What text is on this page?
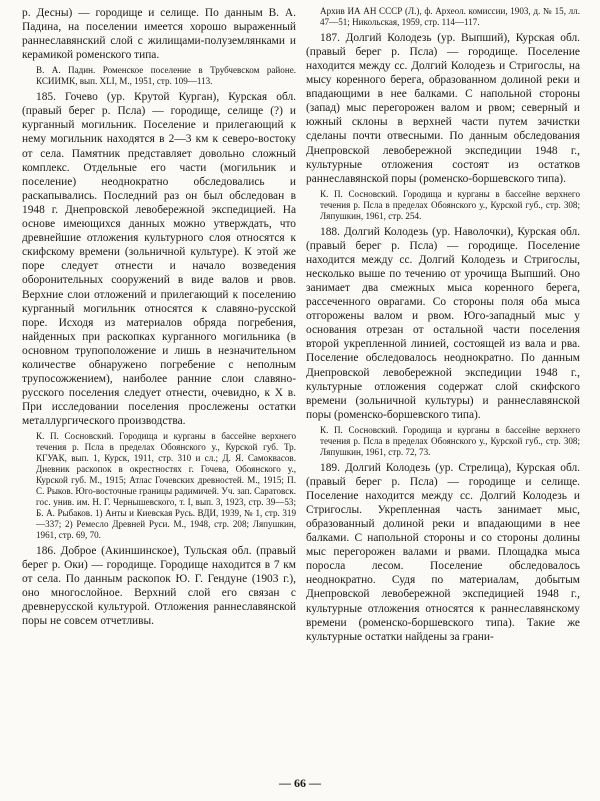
р. Десны) — городище и селище. По данным В. А. Падина, на поселении имеется хорошо выраженный раннеславянский слой с жилищами-полуземлянками и керамикой роменского типа.

В. А. Падин. Роменское поселение в Трубчевском районе. КСИИМК, вып. XLI, М., 1951, стр. 109—113.

185. Гочево (ур. Крутой Курган), Курская обл. (правый берег р. Псла) — городище, селище (?) и курганный могильник. Поселение и прилегающий к нему могильник находятся в 2—3 км к северо-востоку от села. Памятник представляет довольно сложный комплекс. Отдельные его части (могильник и поселение) неоднократно обследовались и раскапывались. Последний раз он был обследован в 1948 г. Днепровской левобережной экспедицией. На основе имеющихся данных можно утверждать, что древнейшие отложения культурного слоя относятся к скифскому времени (зольничной культуре). К этой же поре следует отнести и начало возведения оборонительных сооружений в виде валов и рвов. Верхние слои отложений и прилегающий к поселению курганный могильник относятся к славяно-русской поре. Исходя из материалов обряда погребения, найденных при раскопках курганного могильника (в основном трупоположение и лишь в незначительном количестве обнаружено погребение с неполным трупосожжением), наиболее ранние слои славяно-русского поселения следует отнести, очевидно, к X в. При исследовании поселения прослежены остатки металлургического производства.

К. П. Сосновский. Городища и курганы в бассейне верхнего течения р. Псла в пределах Обоянского у., Курской губ. Тр. КГУАК, вып. 1, Курск, 1911, стр. 310 и сл.; Д. Я. Самоквасов. Дневник раскопок в окрестностях г. Гочева, Обоянского у., Курской губ. М., 1915; Атлас Гочевских древностей. М., 1915; П. С. Рыков. Юго-восточные границы радимичей. Уч. зап. Саратовск. гос. унив. им. Н. Г. Чернышевского, т. I, вып. 3, 1923, стр. 39—53; Б. А. Рыбаков. 1) Анты и Киевская Русь. ВДИ, 1939, № 1, стр. 319—337; 2) Ремесло Древней Руси. М., 1948, стр. 208; Ляпушкин, 1961, стр. 69, 70.

186. Доброе (Акиншинское), Тульская обл. (правый берег р. Оки) — городище. Городище находится в 7 км от села. По данным раскопок Ю. Г. Гендуне (1903 г.), оно многослойное. Верхний слой его связан с древнерусской культурой. Отложения раннеславянской поры не совсем отчетливы.

Архив ИА АН СССР (Л.), ф. Археол. комиссии, 1903, д. № 15, лл. 47—51; Никольская, 1959, стр. 114—117.

187. Долгий Колодезь (ур. Выпший), Курская обл. (правый берег р. Псла) — городище. Поселение находится между сс. Долгий Колодезь и Стригослы, на мысу коренного берега, образованном долиной реки и впадающими в нее балками. С напольной стороны (запад) мыс перегорожен валом и рвом; северный и южный склоны в верхней части путем зачистки сделаны почти отвесными. По данным обследования Днепровской левобережной экспедиции 1948 г., культурные отложения состоят из остатков раннеславянской поры (роменско-боршевского типа).

К. П. Сосновский. Городища и курганы в бассейне верхнего течения р. Псла в пределах Обоянского у., Курской губ., стр. 308; Ляпушкин, 1961, стр. 254.

188. Долгий Колодезь (ур. Наволочки), Курская обл. (правый берег р. Псла) — городище. Поселение находится между сс. Долгий Колодезь и Стригослы, несколько выше по течению от урочища Выпший. Оно занимает два смежных мыса коренного берега, рассеченного оврагами. Со стороны поля оба мыса отгорожены валом и рвом. Юго-западный мыс у основания отрезан от остальной части поселения второй укрепленной линией, состоящей из вала и рва. Поселение обследовалось неоднократно. По данным Днепровской левобережной экспедиции 1948 г., культурные отложения содержат слой скифского времени (зольничной культуры) и раннеславянской поры (роменско-боршевского типа).

К. П. Сосновский. Городища и курганы в бассейне верхнего течения р. Псла в пределах Обоянского у., Курской губ., стр. 308; Ляпушкин, 1961, стр. 72, 73.

189. Долгий Колодезь (ур. Стрелица), Курская обл. (правый берег р. Псла) — городище и селище. Поселение находится между сс. Долгий Колодезь и Стригослы. Укрепленная часть занимает мыс, образованный долиной реки и впадающими в нее балками. С напольной стороны и со стороны долины мыс перегорожен валами и рвами. Площадка мыса поросла лесом. Поселение обследовалось неоднократно. Судя по материалам, добытым Днепровской левобережной экспедицией 1948 г., культурные отложения относятся к раннеславянскому времени (роменско-боршевского типа). Такие же культурные остатки найдены за грани-

— 66 —
